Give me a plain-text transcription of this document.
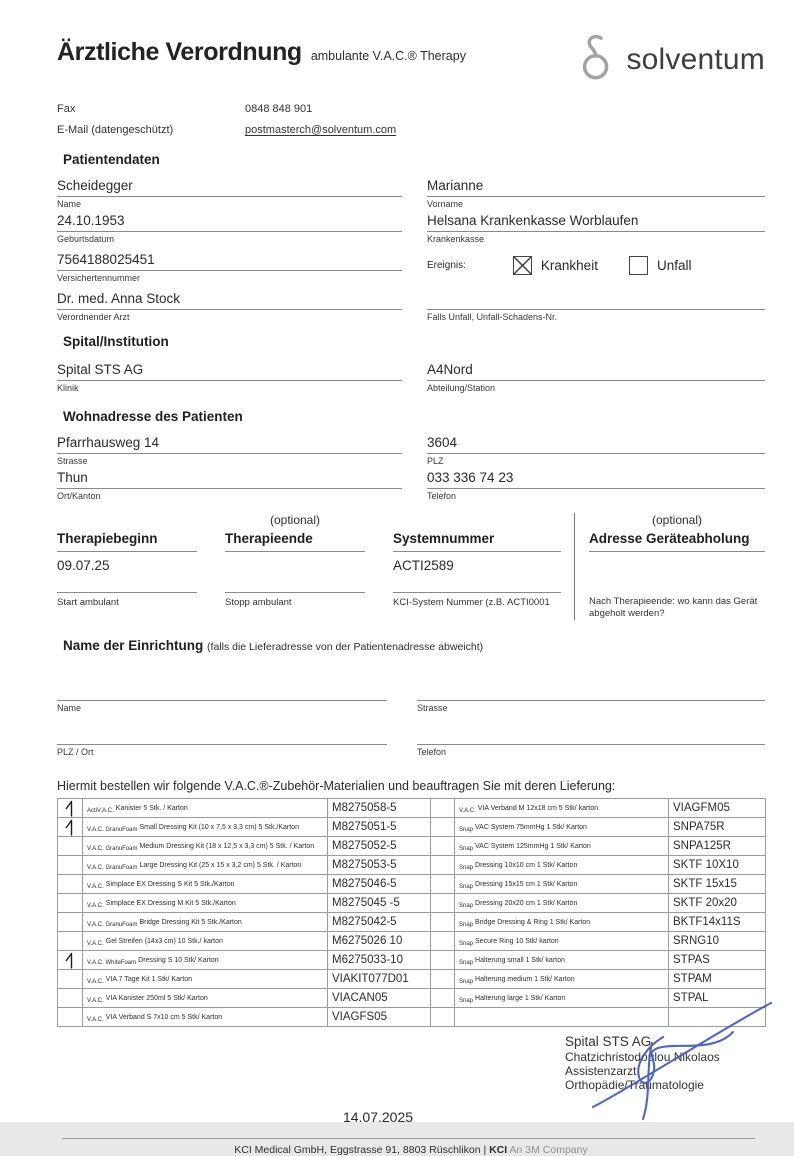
Ärztliche Verordnung ambulante V.A.C.® Therapy	solventum
Fax	0848 848 901
E-Mail (datengeschützt)	postmasterch@solventum.com
Patientendaten
Scheidegger
Name
Marianne
Vorname
24.10.1953
Geburtsdatum
Helsana Krankenkasse Worblaufen
Krankenkasse
7564188025451
Versichertennummer
Ereignis:	Krankheit	Unfall
Dr. med. Anna Stock
Verordnender Arzt	Falls Unfall, Unfall-Schadens-Nr.
Spital/Institution
Spital STS AG
Klinik
A4Nord
Abteilung/Station
Wohnadresse des Patienten
Pfarrhausweg 14
Strasse
3604
PLZ
Thun
Ort/Kanton
033 336 74 23
Telefon
Therapiebeginn
09.07.25
Start ambulant
(optional)
Therapieende
Stopp ambulant
Systemnummer
ACTI2589
KCI-System Nummer (z.B. ACTI0001
(optional)
Adresse Geräteabholung
Nach Therapieende: wo kann das Gerät abgeholt werden?
Name der Einrichtung (falls die Lieferadresse von der Patientenadresse abweicht)
Name	Strasse
PLZ / Ort	Telefon
Hiermit bestellen wir folgende V.A.C.®-Zubehör-Materialien und beauftragen Sie mit deren Lieferung:
	ActiV.A.C. Kanister 5 Stk. / Karton	M8275058-5		V.A.C. VIA Verband M 12x18 cm 5 Stk/ karton	VIAGFM05

	V.A.C. GranuFoam Small Dressing Kit (10 x 7,5 x 3,3 cm) 5 Stk./Karton	M8275051-5		Snap VAC System 75mmHg 1 Stk/ Karton	SNPA75R
	V.A.C. GranuFoam Medium Dressing Kit (18 x 12,5 x 3,3 cm) 5 Stk. / Karton	M8275052-5		Snap VAC System 125mmHg 1 Stk/ Karton	SNPA125R
	V.A.C. GranuFoam Large Dressing Kit (25 x 15 x 3,2 cm) 5 Stk. / Karton	M8275053-5		Snap Dressing 10x10 cm 1 Stk/ Karton	SKTF 10X10
	V.A.C. Simplace EX Dressing S Kit 5 Stk./Karton	M8275046-5		Snap Dressing 15x15 cm 1 Stk/ Karton	SKTF 15x15
	V.A.C. Simplace EX Dressing M Kit 5 Stk./Karton	M8275045 -5		Snap Dressing 20x20 cm 1 Stk/ Karton	SKTF 20x20
	V.A.C. GranuFoam Bridge Dressing Kit 5 Stk./Karton	M8275042-5		Snap Bridge Dressing & Ring 1 Stk/ Karton	BKTF14x11S
	V.A.C. Gel Streifen (14x3 cm) 10 Stk./ karton	M6275026 10		Snap Secure Ring 10 Stk/ karton	SRNG10

	V.A.C. WhiteFoam Dressing S 10 Stk/ Karton	M6275033-10		Snap Halterung small 1 Stk/ karton	STPAS
	V.A.C. VIA 7 Tage Kit 1 Stk/ Karton	VIAKIT077D01		Snap Halterung medium 1 Stk/ Karton	STPAM
	V.A.C. VIA Kanister 250ml 5 Stk/ Karton	VIACAN05		Snap Halterung large 1 Stk/ Karton	STPAL
	V.A.C. VIA Verband S 7x10 cm 5 Stk/ Karton	VIAGFS05			
Spital STS AG
Chatzichristodoulou Nikolaos
Assistenzarzt
Orthopädie/Traumatologie
14.07.2025
KCI Medical GmbH, Eggstrasse 91, 8803 Rüschlikon | KCI An 3M Company
